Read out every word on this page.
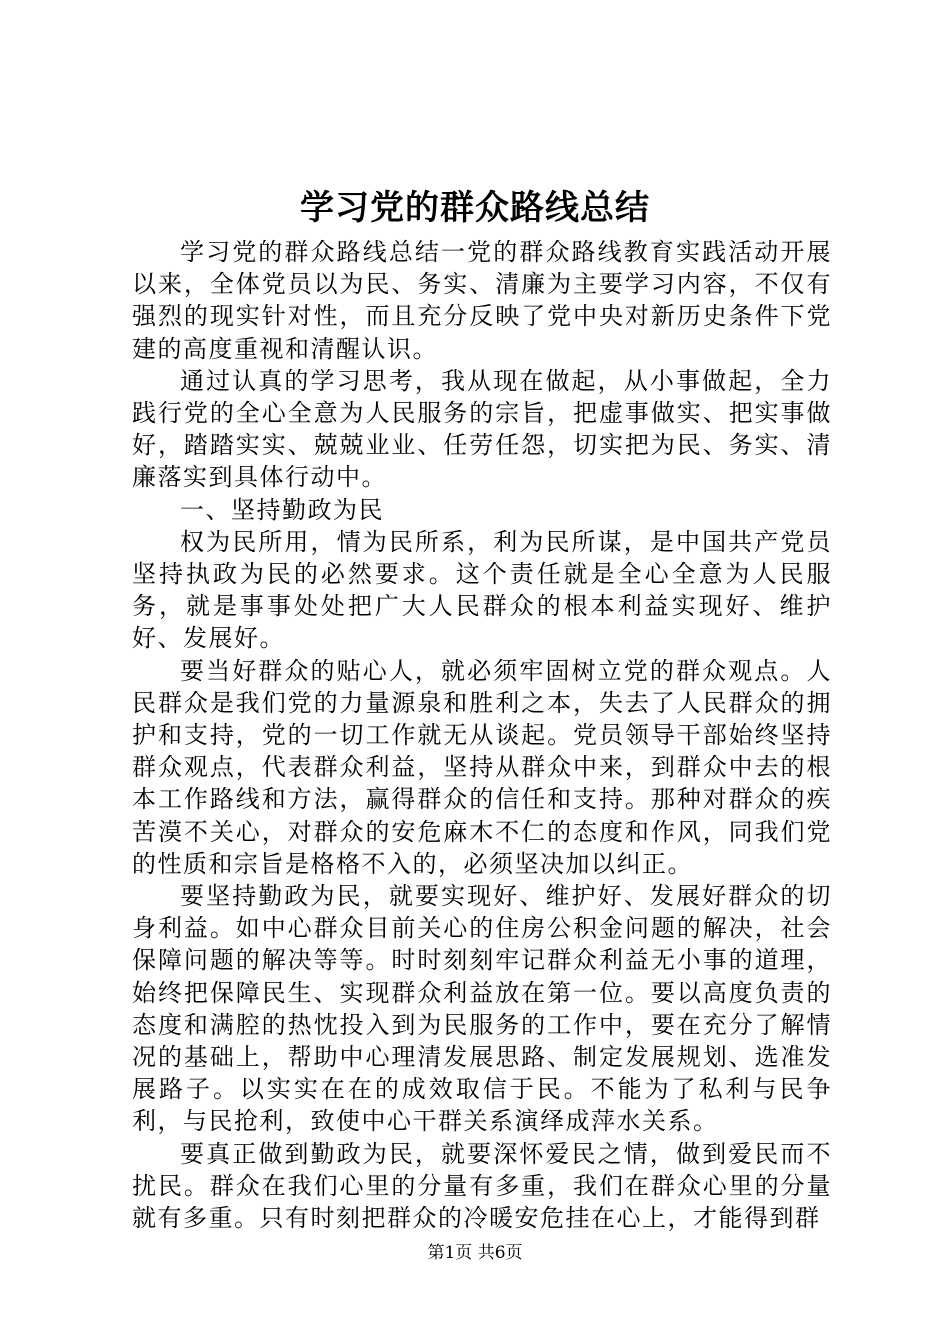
学习党的群众路线总结

学习党的群众路线总结一党的群众路线教育实践活动开展以来，全体党员以为民、务实、清廉为主要学习内容，不仅有强烈的现实针对性，而且充分反映了党中央对新历史条件下党建的高度重视和清醒认识。

通过认真的学习思考，我从现在做起，从小事做起，全力践行党的全心全意为人民服务的宗旨，把虚事做实、把实事做好，踏踏实实、兢兢业业、任劳任怨，切实把为民、务实、清廉落实到具体行动中。

一、坚持勤政为民

权为民所用，情为民所系，利为民所谋，是中国共产党员坚持执政为民的必然要求。这个责任就是全心全意为人民服务，就是事事处处把广大人民群众的根本利益实现好、维护好、发展好。

要当好群众的贴心人，就必须牢固树立党的群众观点。人民群众是我们党的力量源泉和胜利之本，失去了人民群众的拥护和支持，党的一切工作就无从谈起。党员领导干部始终坚持群众观点，代表群众利益，坚持从群众中来，到群众中去的根本工作路线和方法，赢得群众的信任和支持。那种对群众的疾苦漠不关心，对群众的安危麻木不仁的态度和作风，同我们党的性质和宗旨是格格不入的，必须坚决加以纠正。

要坚持勤政为民，就要实现好、维护好、发展好群众的切身利益。如中心群众目前关心的住房公积金问题的解决，社会保障问题的解决等等。时时刻刻牢记群众利益无小事的道理，始终把保障民生、实现群众利益放在第一位。要以高度负责的态度和满腔的热忱投入到为民服务的工作中，要在充分了解情况的基础上，帮助中心理清发展思路、制定发展规划、选准发展路子。以实实在在的成效取信于民。不能为了私利与民争利，与民抢利，致使中心干群关系演绎成萍水关系。

要真正做到勤政为民，就要深怀爱民之情，做到爱民而不扰民。群众在我们心里的分量有多重，我们在群众心里的分量就有多重。只有时刻把群众的冷暖安危挂在心上，才能得到群

第1页 共6页
